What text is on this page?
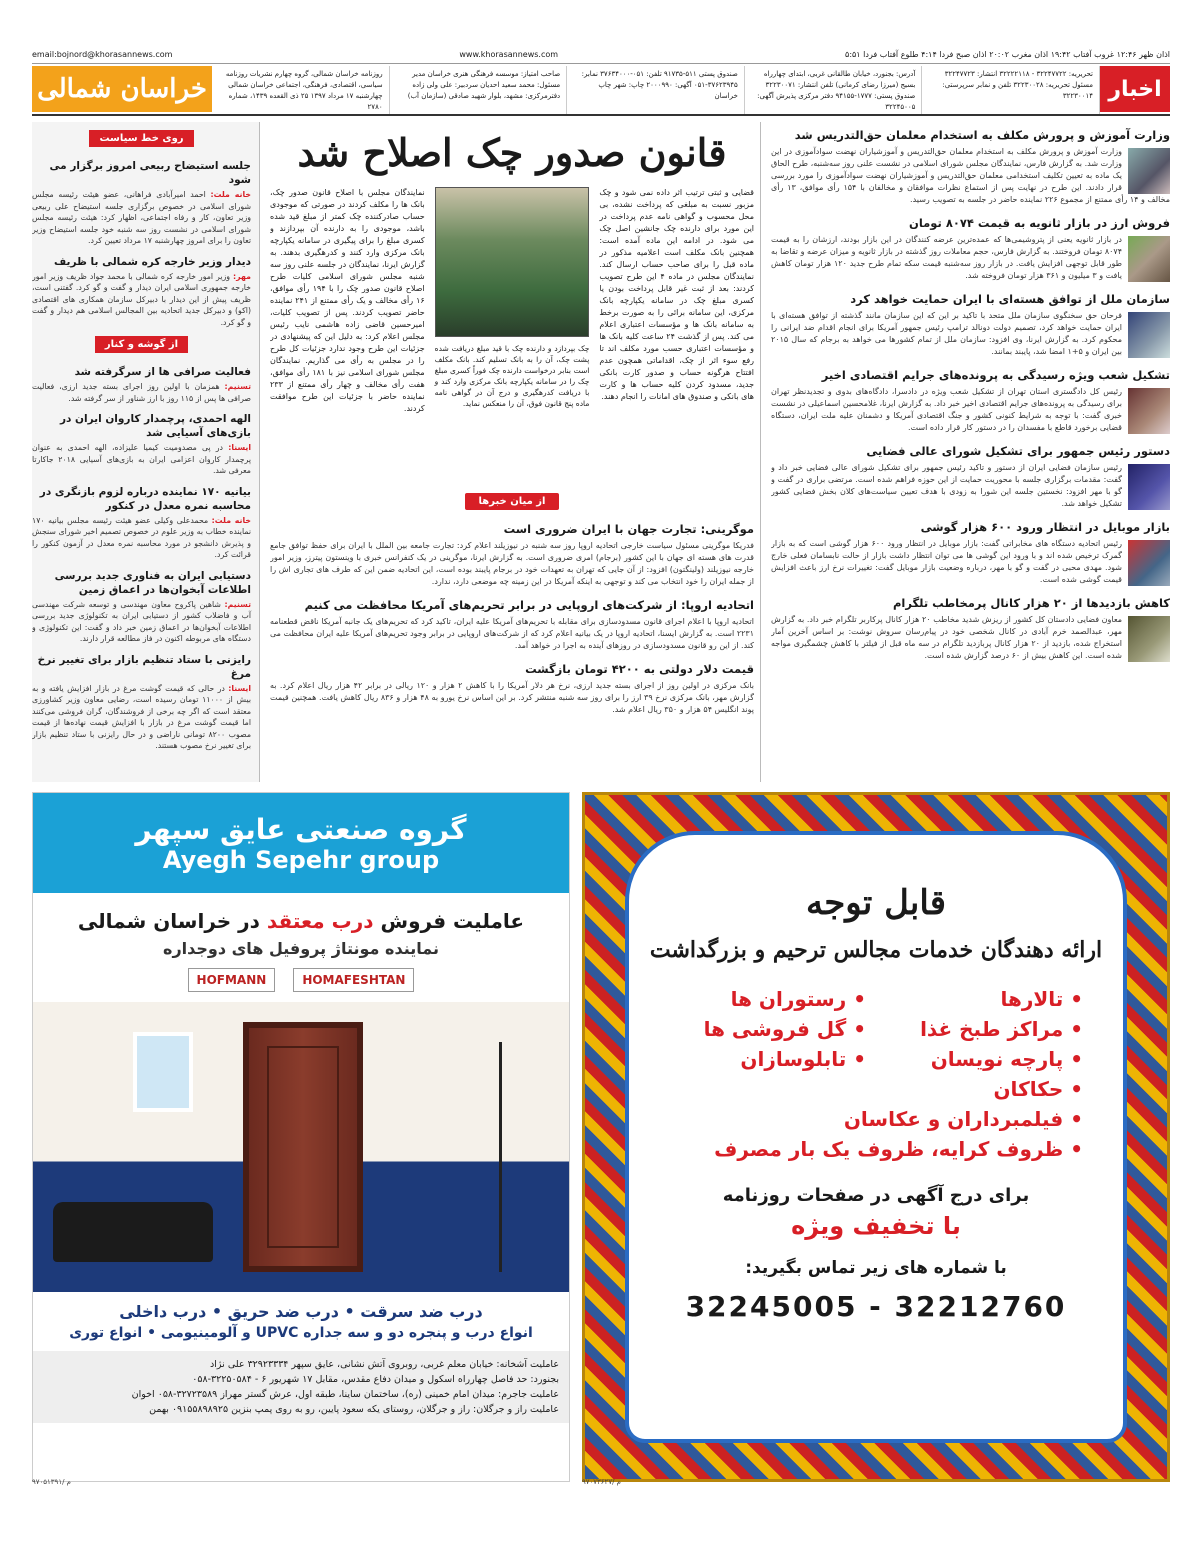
email:bojnord@khorasannews.com	www.khorasannews.com	اذان ظهر ۱۲:۴۶ غروب آفتاب ۱۹:۴۲ اذان مغرب ۲۰:۰۲ اذان صبح فردا ۴:۱۴ طلوع آفتاب فردا ۵:۵۱
خراسان شمالی	روزنامه خراسان شمالی، گروه چهارم نشریات روزنامه سیاسی، اقتصادی، فرهنگی، اجتماعی خراسان شمالی چهارشنبه ۱۷ مرداد ۱۳۹۷ ۲۵ ذی القعده ۱۴۳۹، شماره ۲۷۸۰
صاحب امتیاز: موسسه فرهنگی هنری خراسان مدیر مسئول: محمد سعید احدیان سردبیر: علی ولی زاده دفترمرکزی: مشهد، بلوار شهید صادقی (سازمان آب)
صندوق پستی ۵۱۱-۹۱۷۳۵ تلفن: ۰۵۱-۳۷۶۳۴۰۰۰ نمابر: ۳۷۶۲۳۹۴۵-۰۵۱ آگهی: ۲۰۰۰۹۹۰ چاپ: شهر چاپ خراسان
آدرس: بجنورد، خیابان طالقانی غربی، ابتدای چهارراه بسیج (میرزا رضای کرمانی) تلفن انتشار: ۳۲۲۳۰۰۷۱ صندوق پستی: ۱۷۷۷-۹۴۱۵۵ دفتر مرکزی پذیرش آگهی: ۳۲۲۴۵۰۰۵
تحریریه: ۳۲۲۴۷۷۲۲ - ۳۲۲۲۲۱۱۸ انتشار: ۳۲۲۴۷۷۲۳ مسئول تحریریه: ۳۲۲۳۰۰۲۸ تلفن و نمابر سرپرستی: ۳۲۲۳۰۰۱۴ اخبار
وزارت آموزش و پرورش مکلف به استخدام معلمان حق‌التدریس شد
وزارت آموزش و پرورش مکلف به استخدام معلمان حق‌التدریس و آموزشیاران نهضت سوادآموزی در این وزارت شد. به گزارش فارس، نمایندگان مجلس شورای اسلامی در نشست علنی روز سه‌شنبه، طرح الحاق یک ماده به تعیین تکلیف استخدامی معلمان حق‌التدریس و آموزشیاران نهضت سوادآموزی را مورد بررسی قرار دادند. این طرح در نهایت پس از استماع نظرات موافقان و مخالفان با ۱۵۴ رأی موافق، ۱۳ رأی مخالف و ۱۴ رأی ممتنع از مجموع ۲۲۶ نماینده حاضر در جلسه به تصویب رسید.
فروش ارز در بازار ثانویه به قیمت ۸۰۷۴ تومان
در بازار ثانویه یعنی از پتروشیمی‌ها که عمده‌ترین عرضه کنندگان در این بازار بودند، ارزشان را به قیمت ۸۰۷۴ تومان فروختند. به گزارش فارس، حجم معاملات روز گذشته در بازار ثانویه و میزان عرضه و تقاضا به طور قابل توجهی افزایش یافت. در بازار روز سه‌شنبه قیمت سکه تمام طرح جدید ۱۲۰ هزار تومان کاهش یافت و ۳ میلیون و ۳۶۱ هزار تومان فروخته شد.
سازمان ملل از توافق هسته‌ای با ایران حمایت خواهد کرد
فرحان حق سخنگوی سازمان ملل متحد با تاکید بر این که این سازمان مانند گذشته از توافق هسته‌ای با ایران حمایت خواهد کرد، تصمیم دولت دونالد ترامپ رئیس جمهور آمریکا برای انجام اقدام ضد ایرانی را محکوم کرد. به گزارش ایرنا، وی افزود: سازمان ملل از تمام کشورها می خواهد به برجام که سال ۲۰۱۵ بین ایران و ۵+۱ امضا شد، پایبند بمانند.
تشکیل شعب ویژه رسیدگی به پرونده‌های جرایم اقتصادی اخیر
رئیس کل دادگستری استان تهران از تشکیل شعب ویژه در دادسرا، دادگاه‌های بدوی و تجدیدنظر تهران برای رسیدگی به پرونده‌های جرایم اقتصادی اخیر خبر داد. به گزارش ایرنا، غلامحسین اسماعیلی در نشست خبری گفت: با توجه به شرایط کنونی کشور و جنگ اقتصادی آمریکا و دشمنان علیه ملت ایران، دستگاه قضایی برخورد قاطع با مفسدان را در دستور کار قرار داده است.
دستور رئیس جمهور برای تشکیل شورای عالی فضایی
رئیس سازمان فضایی ایران از دستور و تاکید رئیس جمهور برای تشکیل شورای عالی فضایی خبر داد و گفت: مقدمات برگزاری جلسه با محوریت حمایت از این حوزه فراهم شده است. مرتضی براری در گفت و گو با مهر افزود: نخستین جلسه این شورا به زودی با هدف تعیین سیاست‌های کلان بخش فضایی کشور تشکیل خواهد شد.
بازار موبایل در انتظار ورود ۶۰۰ هزار گوشی
رئیس اتحادیه دستگاه های مخابراتی گفت: بازار موبایل در انتظار ورود ۶۰۰ هزار گوشی است که به بازار گمرک ترخیص شده اند و با ورود این گوشی ها می توان انتظار داشت بازار از حالت نابسامان فعلی خارج شود. مهدی محبی در گفت و گو با مهر، درباره وضعیت بازار موبایل گفت: تغییرات نرخ ارز باعث افزایش قیمت گوشی شده است.
کاهش بازدیدها از ۲۰ هزار کانال پرمخاطب تلگرام
معاون فضایی دادستان کل کشور از ریزش شدید مخاطب ۲۰ هزار کانال پرکاربر تلگرام خبر داد. به گزارش مهر، عبدالصمد خرم آبادی در کانال شخصی خود در پیام‌رسان سروش نوشت: بر اساس آخرین آمار استخراج شده، بازدید از ۲۰ هزار کانال پربازدید تلگرام در سه ماه قبل از فیلتر با کاهش چشمگیری مواجه شده است. این کاهش بیش از ۶۰ درصد گزارش شده است.
قانون صدور چک اصلاح شد
نمایندگان مجلس با اصلاح قانون صدور چک، بانک ها را مکلف کردند در صورتی که موجودی حساب صادرکننده چک کمتر از مبلغ قید شده باشد، موجودی را به دارنده آن بپردازند و کسری مبلغ را برای پیگیری در سامانه یکپارچه بانک مرکزی وارد کنند و کدرهگیری بدهند. به گزارش ایرنا، نمایندگان در جلسه علنی روز سه شنبه مجلس شورای اسلامی کلیات طرح اصلاح قانون صدور چک را با ۱۹۴ رأی موافق، ۱۶ رأی مخالف و یک رأی ممتنع از ۲۴۱ نماینده حاضر تصویب کردند. پس از تصویب کلیات، امیرحسین قاضی زاده هاشمی نایب رئیس مجلس اعلام کرد: به دلیل این که پیشنهادی در جزئیات این طرح وجود ندارد جزئیات کل طرح را در مجلس به رأی می گذاریم. نمایندگان مجلس شورای اسلامی نیز با ۱۸۱ رأی موافق، هفت رأی مخالف و چهار رأی ممتنع از ۲۳۳ نماینده حاضر با جزئیات این طرح موافقت کردند.
چک بپردازد و دارنده چک با قید مبلغ دریافت شده پشت چک، آن را به بانک تسلیم کند. بانک مکلف است بنابر درخواست دارنده چک فوراً کسری مبلغ چک را در سامانه یکپارچه بانک مرکزی وارد کند و با دریافت کدرهگیری و درج آن در گواهی نامه ماده پنج قانون فوق، آن را منعکس نماید.
قضایی و ثبتی ترتیب اثر داده نمی شود و چک مزبور نسبت به مبلغی که پرداخت نشده، بی محل محسوب و گواهی نامه عدم پرداخت در این مورد برای دارنده چک جانشین اصل چک می شود. در ادامه این ماده آمده است: همچنین بانک مکلف است اعلامیه مذکور در ماده قبل را برای صاحب حساب ارسال کند. نمایندگان مجلس در ماده ۴ این طرح تصویب کردند: بعد از ثبت غیر قابل پرداخت بودن یا کسری مبلغ چک در سامانه یکپارچه بانک مرکزی، این سامانه برائی را به صورت برخط به سامانه بانک ها و مؤسسات اعتباری اعلام می کند. پس از گذشت ۲۴ ساعت کلیه بانک ها و مؤسسات اعتباری حسب مورد مکلف اند تا رفع سوء اثر از چک، اقداماتی همچون عدم افتتاح هرگونه حساب و صدور کارت بانکی جدید، مسدود کردن کلیه حساب ها و کارت های بانکی و صندوق های امانات را انجام دهند.
از میان خبرها
موگرینی: تجارت جهان با ایران ضروری است
فدریکا موگرینی مسئول سیاست خارجی اتحادیه اروپا روز سه شنبه در نیوزیلند اعلام کرد: تجارت جامعه بین الملل با ایران برای حفظ توافق جامع قدرت های هسته ای جهان با این کشور (برجام) امری ضروری است. به گزارش ایرنا، موگرینی در یک کنفرانس خبری با وینستون پیترز، وزیر امور خارجه نیوزیلند (ولینگتون) افزود: از آن جایی که تهران به تعهدات خود در برجام پایبند بوده است، این اتحادیه ضمن این که طرف های تجاری اش را از جمله ایران را خود انتخاب می کند و توجهی به اینکه آمریکا در این زمینه چه موضعی دارد، ندارد.
اتحادیه اروپا: از شرکت‌های اروپایی در برابر تحریم‌های آمریکا محافظت می کنیم
اتحادیه اروپا با اعلام اجرای قانون مسدودسازی برای مقابله با تحریم‌های آمریکا علیه ایران، تاکید کرد که تحریم‌های یک جانبه آمریکا ناقض قطعنامه ۲۲۳۱ است. به گزارش ایسنا، اتحادیه اروپا در یک بیانیه اعلام کرد که از شرکت‌های اروپایی در برابر وجود تحریم‌های آمریکا علیه ایران محافظت می کند. از این رو قانون مسدودسازی در روزهای آینده به اجرا در خواهد آمد.
قیمت دلار دولتی به ۴۲۰۰ تومان بازگشت
بانک مرکزی در اولین روز از اجرای بسته جدید ارزی، نرخ هر دلار آمریکا را با کاهش ۲ هزار و ۱۲۰ ریالی در برابر ۴۲ هزار ریال اعلام کرد. به گزارش مهر، بانک مرکزی نرخ ۳۹ ارز را برای روز سه شنبه منتشر کرد. بر این اساس نرخ یورو به ۴۸ هزار و ۸۳۶ ریال کاهش یافت. همچنین قیمت پوند انگلیس ۵۴ هزار و ۳۵۰ ریال اعلام شد.
روی خط سیاست
جلسه استیضاح ربیعی امروز برگزار می شود
خانه ملت: احمد امیرآبادی فراهانی، عضو هیئت رئیسه مجلس شورای اسلامی در خصوص برگزاری جلسه استیضاح علی ربیعی وزیر تعاون، کار و رفاه اجتماعی، اظهار کرد: هیئت رئیسه مجلس شورای اسلامی در نشست روز سه شنبه خود جلسه استیضاح وزیر تعاون را برای امروز چهارشنبه ۱۷ مرداد تعیین کرد.
دیدار وزیر خارجه کره شمالی با ظریف
مهر: وزیر امور خارجه کره شمالی با محمد جواد ظریف وزیر امور خارجه جمهوری اسلامی ایران دیدار و گفت و گو کرد. گفتنی است، ظریف پیش از این دیدار با دبیرکل سازمان همکاری های اقتصادی (اکو) و دبیرکل جدید اتحادیه بین المجالس اسلامی هم دیدار و گفت و گو کرد.
از گوشه و کنار
فعالیت صرافی ها از سرگرفته شد
تسنیم: همزمان با اولین روز اجرای بسته جدید ارزی، فعالیت صرافی ها پس از ۱۱۵ روز با ارز شناور از سر گرفته شد.
الهه احمدی، پرچمدار کاروان ایران در بازی‌های آسیایی شد
ایسنا: در پی مصدومیت کیمیا علیزاده، الهه احمدی به عنوان پرچمدار کاروان اعزامی ایران به بازی‌های آسیایی ۲۰۱۸ جاکارتا معرفی شد.
بیانیه ۱۷۰ نماینده درباره لزوم بازنگری در محاسبه نمره معدل در کنکور
خانه ملت: محمدعلی وکیلی عضو هیئت رئیسه مجلس بیانیه ۱۷۰ نماینده خطاب به وزیر علوم در خصوص تصمیم اخیر شورای سنجش و پذیرش دانشجو در مورد محاسبه نمره معدل در آزمون کنکور را قرائت کرد.
دستیابی ایران به فناوری جدید بررسی اطلاعات آبخوان‌ها در اعماق زمین
تسنیم: شاهین پاکروح معاون مهندسی و توسعه شرکت مهندسی آب و فاضلاب کشور از دستیابی ایران به تکنولوژی جدید بررسی اطلاعات آبخوان‌ها در اعماق زمین خبر داد و گفت: این تکنولوژی و دستگاه های مربوطه اکنون در فاز مطالعه قرار دارند.
رایزنی با ستاد تنظیم بازار برای تغییر نرخ مرغ
ایسنا: در حالی که قیمت گوشت مرغ در بازار افزایش یافته و به بیش از ۱۱۰۰۰ تومان رسیده است، رضایی معاون وزیر کشاورزی معتقد است که اگر چه برخی از فروشندگان، گران فروشی می‌کنند اما قیمت گوشت مرغ در بازار با افزایش قیمت نهاده‌ها از قیمت مصوب ۸۲۰۰ تومانی ناراضی و در حال رایزنی با ستاد تنظیم بازار برای تغییر نرخ مصوب هستند.
قابل توجه
ارائه دهندگان خدمات مجالس ترحیم و بزرگداشت
• تالارها
• رستوران ها
• مراکز طبخ غذا
• گل فروشی ها
• پارچه نویسان
• تابلوسازان
• حکاکان
• فیلمبرداران و عکاسان
• ظروف کرایه، ظروف یک بار مصرف
برای درج آگهی در صفحات روزنامه
با تخفیف ویژه
با شماره های زیر تماس بگیرید:
32245005 - 32212760
۹۷۰۷۳۶۲۷/ م
گروه صنعتی عایق سپهر
Ayegh Sepehr group
عاملیت فروش درب معتقد در خراسان شمالی
نماینده مونتاژ پروفیل های دوجداره
HOMAFESHTAN
HOFMANN
درب ضد سرقت • درب ضد حریق • درب داخلی
انواع درب و پنجره دو و سه جداره UPVC و آلومینیومی • انواع توری
عاملیت آشخانه: خیابان معلم غربی، روبروی آتش نشانی، عایق سپهر ۳۲۹۲۳۳۳۴ علی نژاد
بجنورد: حد فاصل چهارراه اسکول و میدان دفاع مقدس، مقابل ۱۷ شهریور ۶ - ۳۲۲۵۰۵۸۴-۰۵۸
عاملیت جاجرم: میدان امام خمینی (ره)، ساختمان ساینا، طبقه اول، عرش گستر مهراز ۳۲۷۲۳۵۸۹-۰۵۸ اخوان
عاملیت راز و جرگلان: راز و جرگلان، روستای یکه سعود پایین، رو به روی پمپ بنزین ۰۹۱۵۵۸۹۸۹۲۵ بهمن
۹۷۰۵۱۳۹۱/ م
